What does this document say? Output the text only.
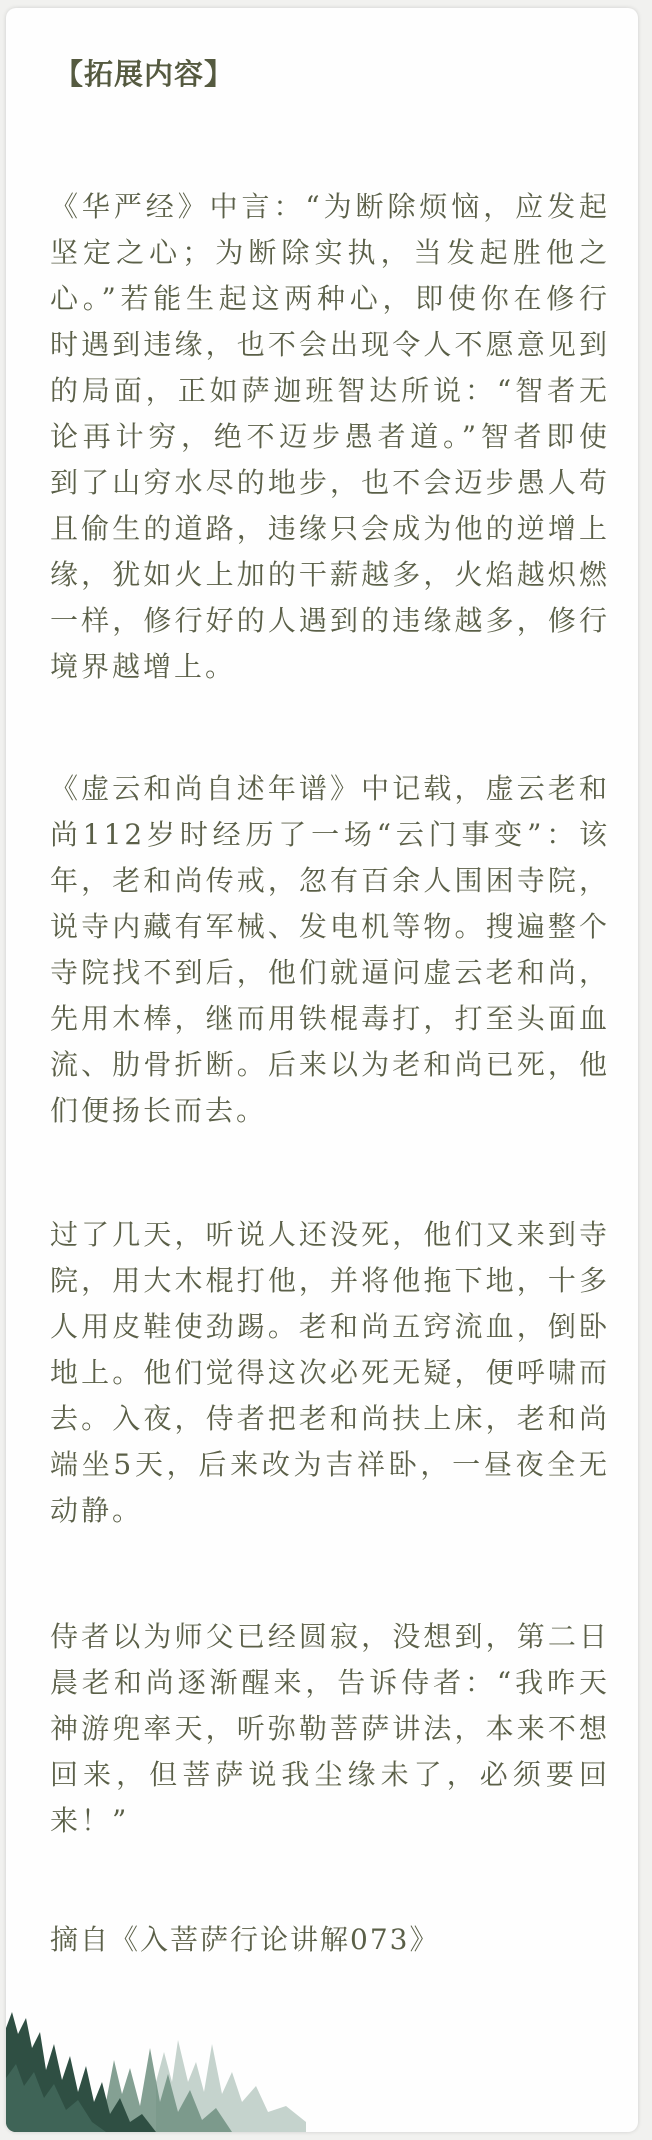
【拓展内容】

《华严经》中言：“为断除烦恼，应发起坚定之心；为断除实执，当发起胜他之心。”若能生起这两种心，即使你在修行时遇到违缘，也不会出现令人不愿意见到的局面，正如萨迦班智达所说：“智者无论再计穷，绝不迈步愚者道。”智者即使到了山穷水尽的地步，也不会迈步愚人苟且偷生的道路，违缘只会成为他的逆增上缘，犹如火上加的干薪越多，火焰越炽燃一样，修行好的人遇到的违缘越多，修行境界越增上。

《虚云和尚自述年谱》中记载，虚云老和尚112岁时经历了一场“云门事变”：该年，老和尚传戒，忽有百余人围困寺院，说寺内藏有军械、发电机等物。搜遍整个寺院找不到后，他们就逼问虚云老和尚，先用木棒，继而用铁棍毒打，打至头面血流、肋骨折断。后来以为老和尚已死，他们便扬长而去。

过了几天，听说人还没死，他们又来到寺院，用大木棍打他，并将他拖下地，十多人用皮鞋使劲踢。老和尚五窍流血，倒卧地上。他们觉得这次必死无疑，便呼啸而去。入夜，侍者把老和尚扶上床，老和尚端坐5天，后来改为吉祥卧，一昼夜全无动静。

侍者以为师父已经圆寂，没想到，第二日晨老和尚逐渐醒来，告诉侍者：“我昨天神游兜率天，听弥勒菩萨讲法，本来不想回来，但菩萨说我尘缘未了，必须要回来！”

摘自《入菩萨行论讲解073》
